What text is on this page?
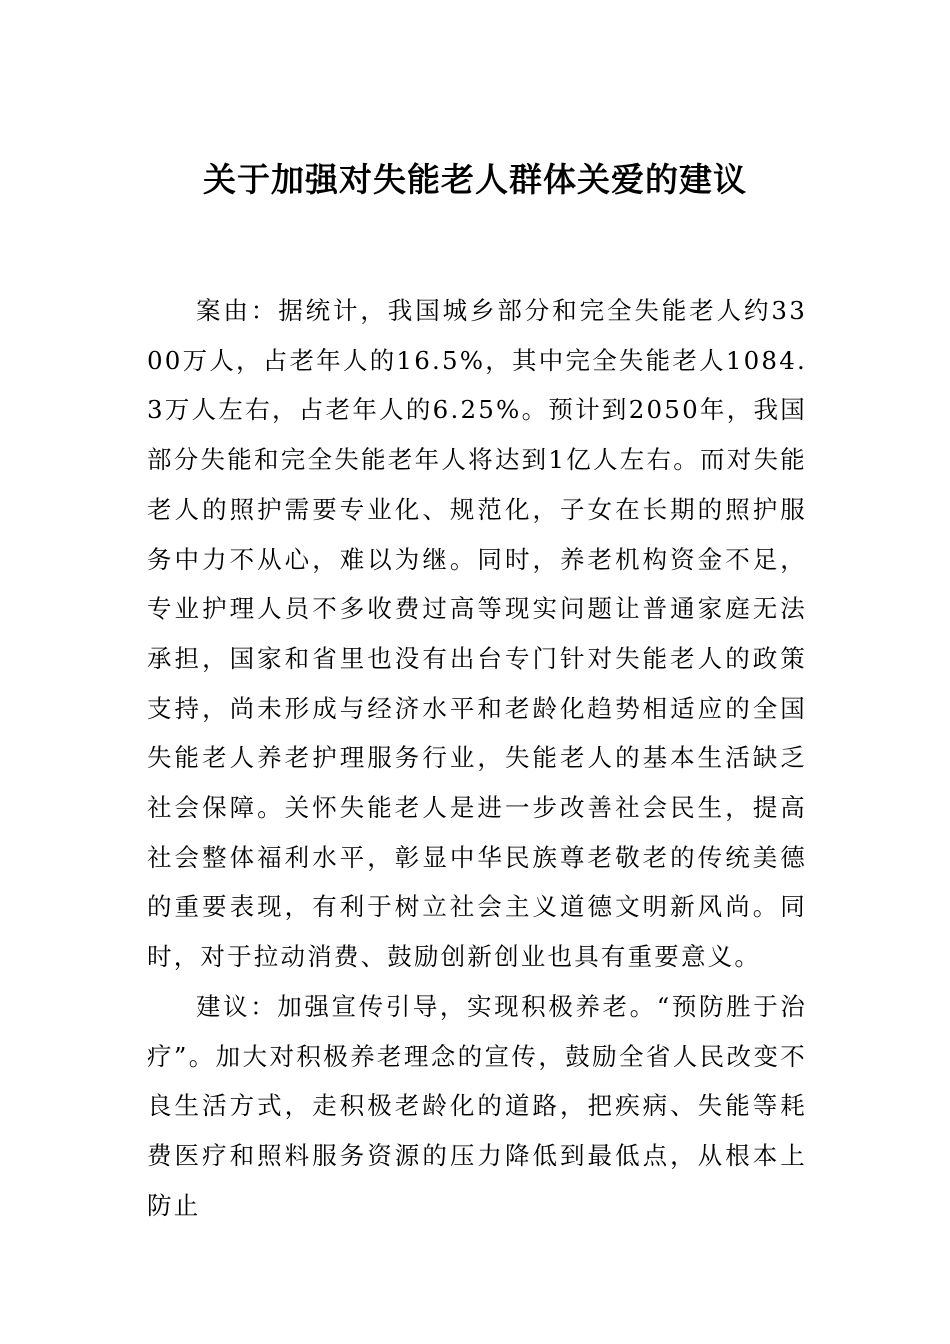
关于加强对失能老人群体关爱的建议

案由：据统计，我国城乡部分和完全失能老人约3300万人，占老年人的16.5%，其中完全失能老人1084.3万人左右，占老年人的6.25%。预计到2050年，我国部分失能和完全失能老年人将达到1亿人左右。而对失能老人的照护需要专业化、规范化，子女在长期的照护服务中力不从心，难以为继。同时，养老机构资金不足，专业护理人员不多收费过高等现实问题让普通家庭无法承担，国家和省里也没有出台专门针对失能老人的政策支持，尚未形成与经济水平和老龄化趋势相适应的全国失能老人养老护理服务行业，失能老人的基本生活缺乏社会保障。关怀失能老人是进一步改善社会民生，提高社会整体福利水平，彰显中华民族尊老敬老的传统美德的重要表现，有利于树立社会主义道德文明新风尚。同时，对于拉动消费、鼓励创新创业也具有重要意义。

建议：加强宣传引导，实现积极养老。“预防胜于治疗”。加大对积极养老理念的宣传，鼓励全省人民改变不良生活方式，走积极老龄化的道路，把疾病、失能等耗费医疗和照料服务资源的压力降低到最低点，从根本上防止
